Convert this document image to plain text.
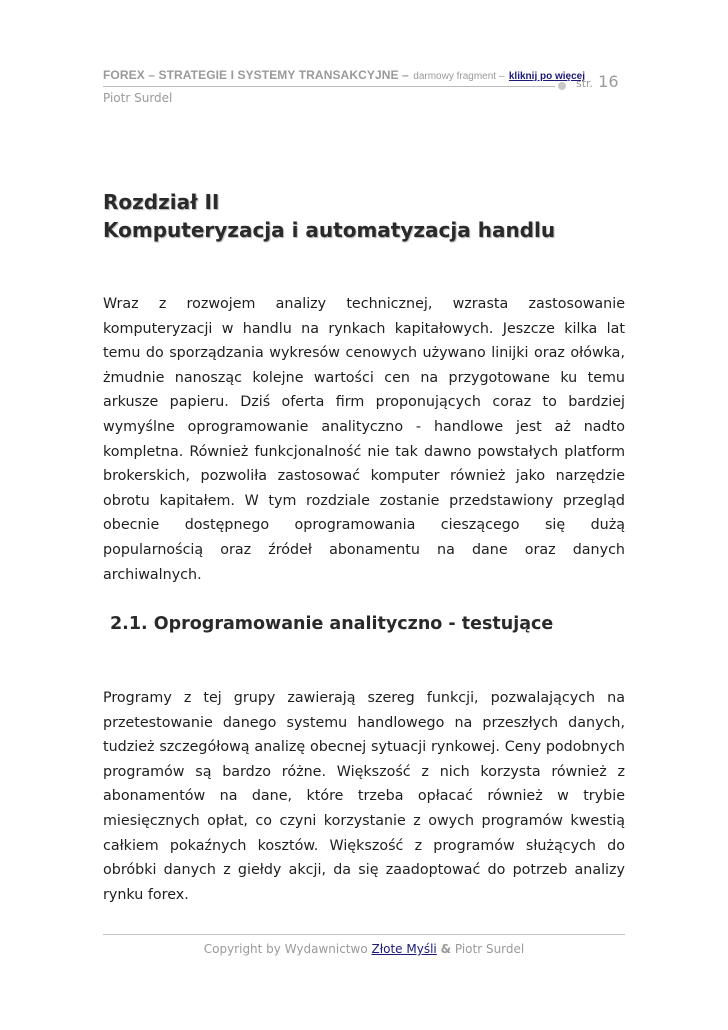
FOREX – STRATEGIE I SYSTEMY TRANSAKCYJNE – darmowy fragment – kliknij po więcej
str. 16
Piotr Surdel
Rozdział II
Komputeryzacja i automatyzacja handlu

Wraz z rozwojem analizy technicznej, wzrasta zastosowanie komputeryzacji w handlu na rynkach kapitałowych. Jeszcze kilka lat temu do sporządzania wykresów cenowych używano linijki oraz ołówka, żmudnie nanosząc kolejne wartości cen na przygotowane ku temu arkusze papieru. Dziś oferta firm proponujących coraz to bardziej wymyślne oprogramowanie analityczno - handlowe jest aż nadto kompletna. Również funkcjonalność nie tak dawno powstałych platform brokerskich, pozwoliła zastosować komputer również jako narzędzie obrotu kapitałem. W tym rozdziale zostanie przedstawiony przegląd obecnie dostępnego oprogramowania cieszącego się dużą popularnością oraz źródeł abonamentu na dane oraz danych archiwalnych.

2.1. Oprogramowanie analityczno - testujące

Programy z tej grupy zawierają szereg funkcji, pozwalających na przetestowanie danego systemu handlowego na przeszłych danych, tudzież szczegółową analizę obecnej sytuacji rynkowej. Ceny podobnych programów są bardzo różne. Większość z nich korzysta również z abonamentów na dane, które trzeba opłacać również w trybie miesięcznych opłat, co czyni korzystanie z owych programów kwestią całkiem pokaźnych kosztów. Większość z programów służących do obróbki danych z giełdy akcji, da się zaadoptować do potrzeb analizy rynku forex.

Copyright by Wydawnictwo Złote Myśli & Piotr Surdel
